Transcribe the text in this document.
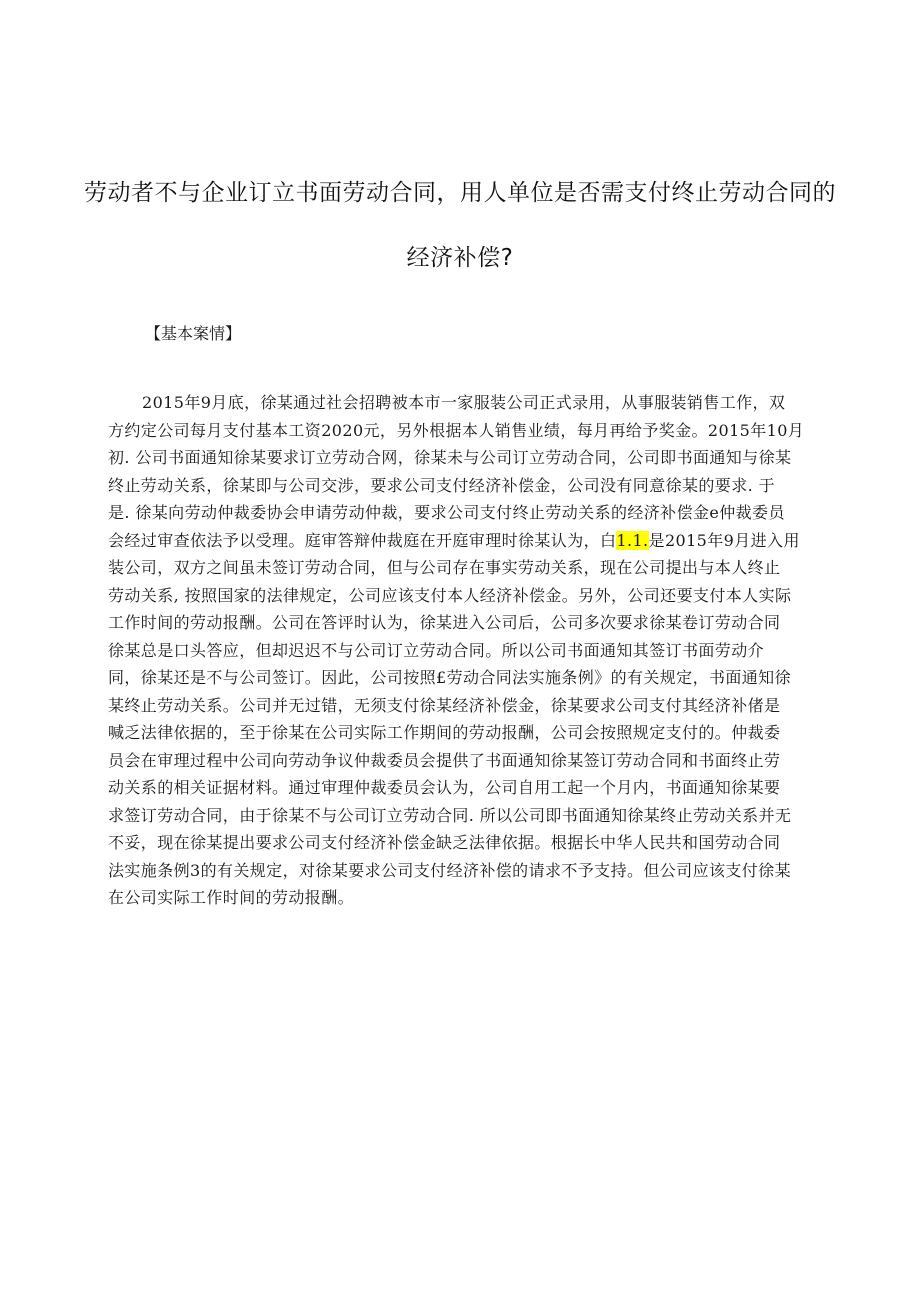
劳动者不与企业订立书面劳动合同，用人单位是否需支付终止劳动合同的
经济补偿?

【基本案情】

2015年9月底，徐某通过社会招聘被本市一家服装公司正式录用，从事服装销售工作，双
方约定公司每月支付基本工资2020元，另外根据本人销售业绩，每月再给予奖金。2015年10月
初. 公司书面通知徐某要求订立劳动合网，徐某未与公司订立劳动合同，公司即书面通知与徐某
终止劳动关系，徐某即与公司交涉，要求公司支付经济补偿金，公司没有同意徐某的要求. 于
是. 徐某向劳动仲裁委协会申请劳动仲裁，要求公司支付终止劳动关系的经济补偿金e仲裁委员
会经过审查依法予以受理。庭审答辩仲裁庭在开庭审理时徐某认为，白1.1.是2015年9月进入用
装公司，双方之间虽未签订劳动合同，但与公司存在事实劳动关系，现在公司提出与本人终止
劳动关系, 按照国家的法律规定，公司应该支付本人经济补偿金。另外，公司还要支付本人实际
工作时间的劳动报酬。公司在答评时认为，徐某进入公司后，公司多次要求徐某卷订劳动合同
徐某总是口头答应，但却迟迟不与公司订立劳动合同。所以公司书面通知其签订书面劳动介
同，徐某还是不与公司签订。因此，公司按照£劳动合同法实施条例》的有关规定，书面通知徐
某终止劳动关系。公司并无过错，无须支付徐某经济补偿金，徐某要求公司支付其经济补偖是
喊乏法律依据的，至于徐某在公司实际工作期间的劳动报酬，公司会按照规定支付的。仲裁委
员会在审理过程中公司向劳动争议仲裁委员会提供了书面通知徐某签订劳动合同和书面终止劳
动关系的相关证据材料。通过审理仲裁委员会认为，公司自用工起一个月内，书面通知徐某要
求签订劳动合同，由于徐某不与公司订立劳动合同. 所以公司即书面通知徐某终止劳动关系并无
不妥，现在徐某提出要求公司支付经济补偿金缺乏法律依据。根据长中华人民共和国劳动合同
法实施条例3的有关规定，对徐某要求公司支付经济补偿的请求不予支持。但公司应该支付徐某
在公司实际工作时间的劳动报酬。
